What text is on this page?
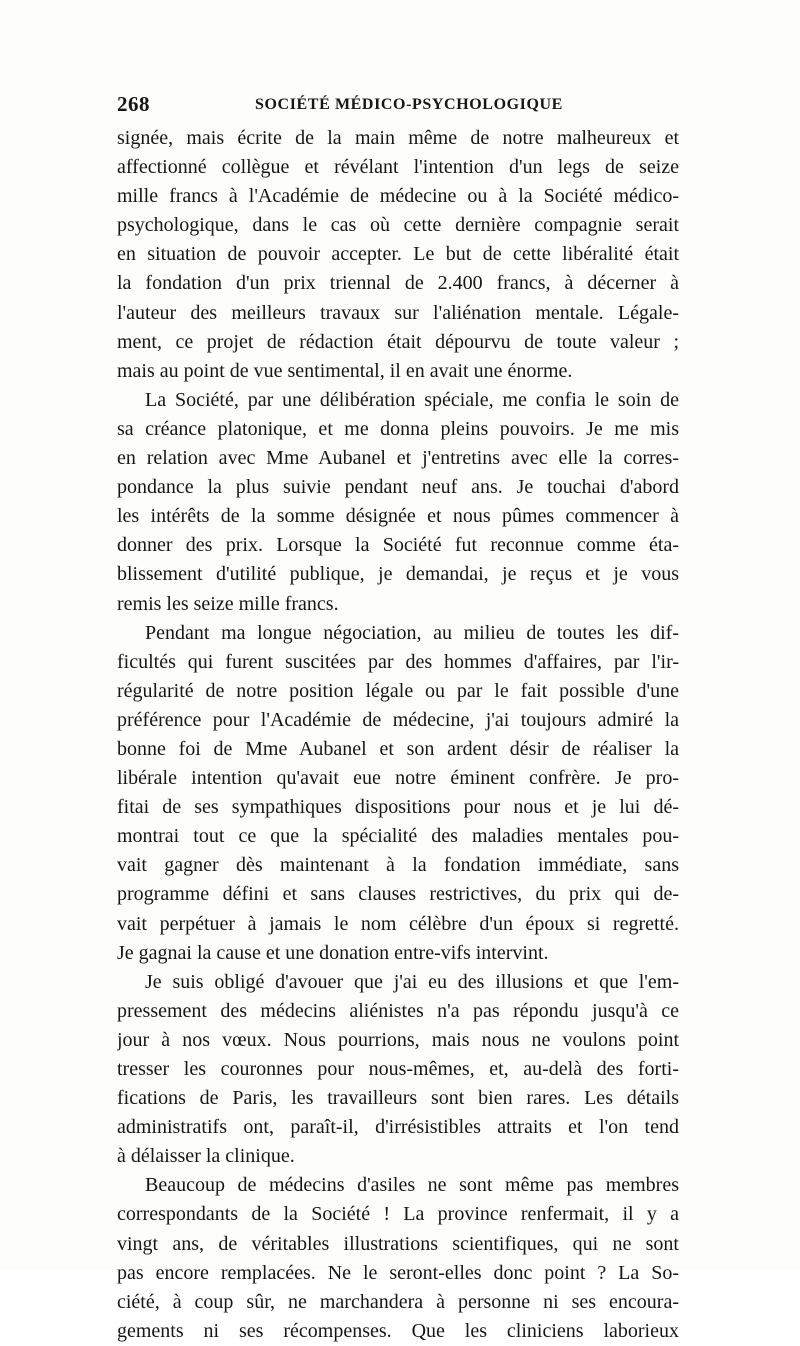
268	SOCIÉTÉ MÉDICO-PSYCHOLOGIQUE
signée, mais écrite de la main même de notre malheureux et
affectionné collègue et révélant l'intention d'un legs de seize
mille francs à l'Académie de médecine ou à la Société médico-
psychologique, dans le cas où cette dernière compagnie serait
en situation de pouvoir accepter. Le but de cette libéralité était
la fondation d'un prix triennal de 2.400 francs, à décerner à
l'auteur des meilleurs travaux sur l'aliénation mentale. Légale-
ment, ce projet de rédaction était dépourvu de toute valeur ;
mais au point de vue sentimental, il en avait une énorme.
La Société, par une délibération spéciale, me confia le soin de
sa créance platonique, et me donna pleins pouvoirs. Je me mis
en relation avec Mme Aubanel et j'entretins avec elle la corres-
pondance la plus suivie pendant neuf ans. Je touchai d'abord
les intérêts de la somme désignée et nous pûmes commencer à
donner des prix. Lorsque la Société fut reconnue comme éta-
blissement d'utilité publique, je demandai, je reçus et je vous
remis les seize mille francs.
Pendant ma longue négociation, au milieu de toutes les dif-
ficultés qui furent suscitées par des hommes d'affaires, par l'ir-
régularité de notre position légale ou par le fait possible d'une
préférence pour l'Académie de médecine, j'ai toujours admiré la
bonne foi de Mme Aubanel et son ardent désir de réaliser la
libérale intention qu'avait eue notre éminent confrère. Je pro-
fitai de ses sympathiques dispositions pour nous et je lui dé-
montrai tout ce que la spécialité des maladies mentales pou-
vait gagner dès maintenant à la fondation immédiate, sans
programme défini et sans clauses restrictives, du prix qui de-
vait perpétuer à jamais le nom célèbre d'un époux si regretté.
Je gagnai la cause et une donation entre-vifs intervint.
Je suis obligé d'avouer que j'ai eu des illusions et que l'em-
pressement des médecins aliénistes n'a pas répondu jusqu'à ce
jour à nos vœux. Nous pourrions, mais nous ne voulons point
tresser les couronnes pour nous-mêmes, et, au-delà des forti-
fications de Paris, les travailleurs sont bien rares. Les détails
administratifs ont, paraît-il, d'irrésistibles attraits et l'on tend
à délaisser la clinique.
Beaucoup de médecins d'asiles ne sont même pas membres
correspondants de la Société ! La province renfermait, il y a
vingt ans, de véritables illustrations scientifiques, qui ne sont
pas encore remplacées. Ne le seront-elles donc point ? La So-
ciété, à coup sûr, ne marchandera à personne ni ses encoura-
gements ni ses récompenses. Que les cliniciens laborieux
